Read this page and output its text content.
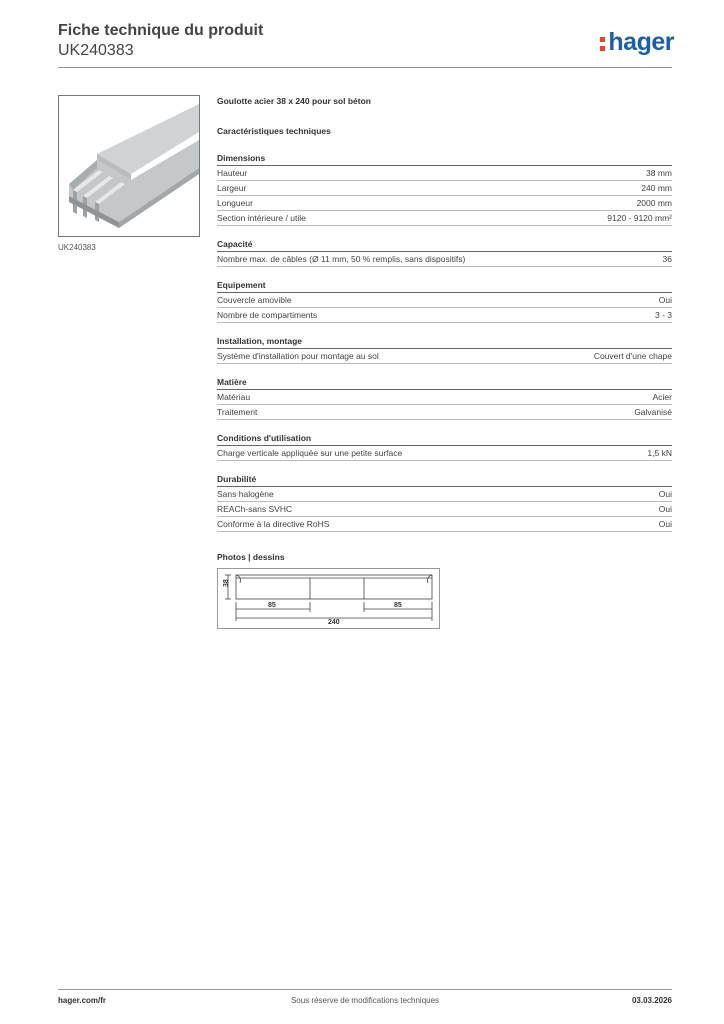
Fiche technique du produit
UK240383	hager
UK240383
Goulotte acier 38 x 240 pour sol béton
Caractéristiques techniques
Dimensions
Hauteur	38 mm
Largeur	240 mm
Longueur	2000 mm
Section intérieure / utile	9120 - 9120 mm²
Capacité
Nombre max. de câbles (Ø 11 mm, 50 % remplis, sans dispositifs)	36
Equipement
Couvercle amovible	Oui
Nombre de compartiments	3 - 3
Installation, montage
Système d'installation pour montage au sol	Couvert d'une chape
Matière
Matériau	Acier
Traitement	Galvanisé
Conditions d'utilisation
Charge verticale appliquée sur une petite surface	1,5 kN
Durabilité
Sans halogène	Oui
REACh-sans SVHC	Oui
Conforme à la directive RoHS	Oui
Photos | dessins
38
85
240
85
hager.com/fr	Sous réserve de modifications techniques	03.03.2026
